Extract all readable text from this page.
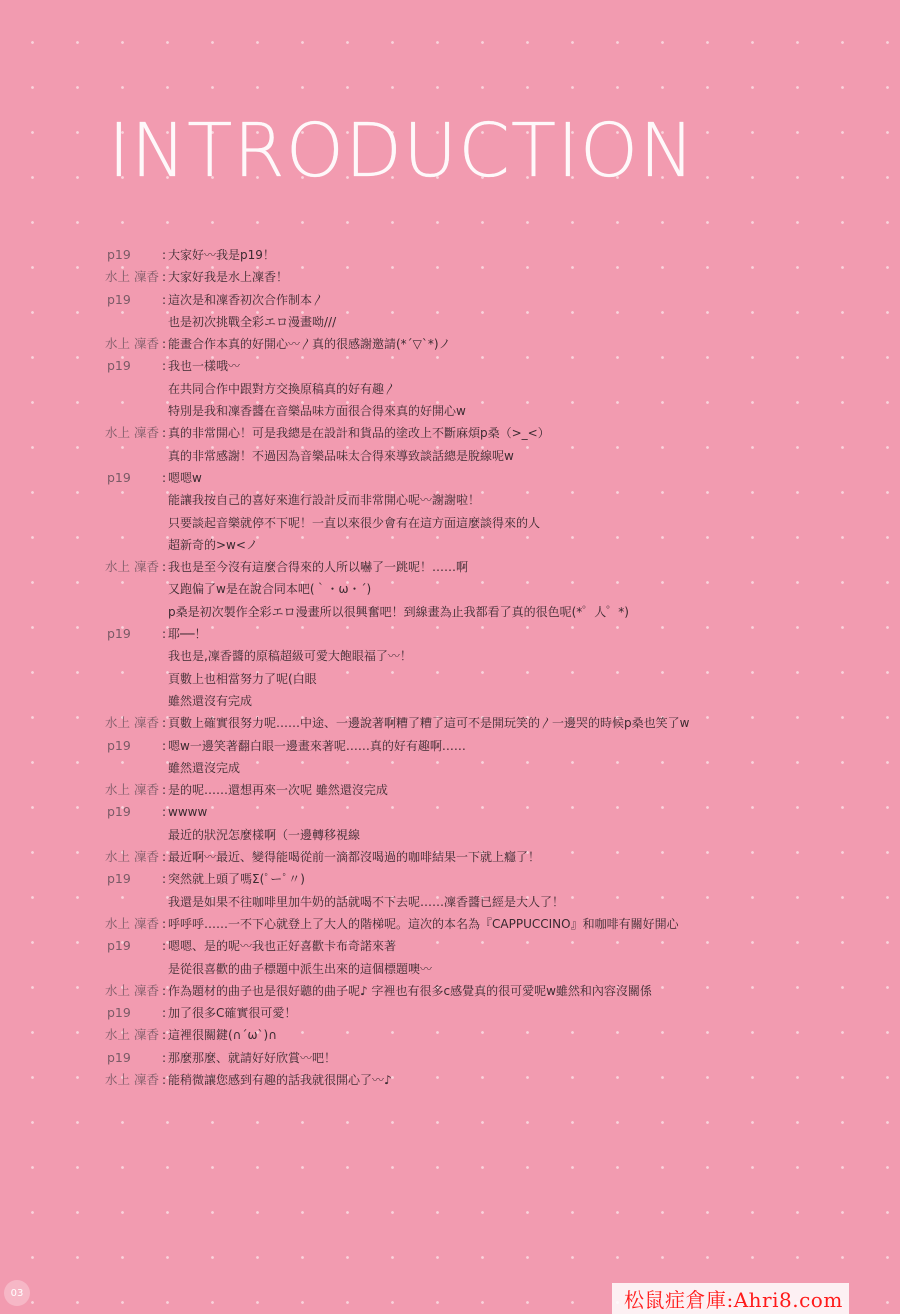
INTRODUCTION
p19	: 大家好〰我是p19！
水上 凜香 : 大家好我是水上凜香！
p19	: 這次是和凜香初次合作制本〳
也是初次挑戰全彩エロ漫畫呦///
水上 凜香 : 能畫合作本真的好開心〰〳真的很感謝邀請(*´▽`*)ノ
p19	: 我也一樣哦〰
在共同合作中跟對方交換原稿真的好有趣〳
特別是我和凜香醬在音樂品味方面很合得來真的好開心w
水上 凜香 : 真的非常開心！可是我總是在設計和貨品的塗改上不斷麻煩p桑（>_<）
真的非常感謝！不過因為音樂品味太合得來導致談話總是脫線呢w
p19	: 嗯嗯w
能讓我按自己的喜好來進行設計反而非常開心呢〰謝謝啦！
只要談起音樂就停不下呢！一直以來很少會有在這方面這麼談得來的人
超新奇的>w<ノ
水上 凜香 : 我也是至今沒有這麼合得來的人所以嚇了一跳呢！……啊
又跑偏了w是在說合同本吧(｀・ω・´)
p桑是初次製作全彩エロ漫畫所以很興奮吧！到線畫為止我都看了真的很色呢(*゜人゜*)
p19	: 耶──！
我也是,凜香醬的原稿超級可愛大飽眼福了〰！
頁數上也相當努力了呢(白眼
雖然還沒有完成
水上 凜香 : 頁數上確實很努力呢……中途、一邊說著啊糟了糟了這可不是開玩笑的〳一邊哭的時候p桑也笑了w
p19	: 嗯w一邊笑著翻白眼一邊畫來著呢……真的好有趣啊……
雖然還沒完成
水上 凜香 : 是的呢……還想再來一次呢 雖然還沒完成
p19	: wwww
最近的狀況怎麼樣啊（一邊轉移視線
水上 凜香 : 最近啊〰最近、變得能喝從前一滴都沒喝過的咖啡結果一下就上癮了！
p19	: 突然就上頭了嗎Σ(ﾟーﾟ〃)
我還是如果不往咖啡里加牛奶的話就喝不下去呢……凜香醬已經是大人了！
水上 凜香 : 呼呼呼……一不下心就登上了大人的階梯呢。這次的本名為『CAPPUCCINO』和咖啡有關好開心
p19	: 嗯嗯、是的呢〰我也正好喜歡卡布奇諾來著
是從很喜歡的曲子標題中派生出來的這個標題噢〰
水上 凜香 : 作為題材的曲子也是很好聽的曲子呢♪ 字裡也有很多c感覺真的很可愛呢w雖然和內容沒關係
p19	: 加了很多C確實很可愛！
水上 凜香 : 這裡很關鍵(∩´ω`)∩
p19	: 那麼那麼、就請好好欣賞〰吧！
水上 凜香 : 能稍微讓您感到有趣的話我就很開心了〰♪
03	松鼠症倉庫:Ahri8.com
